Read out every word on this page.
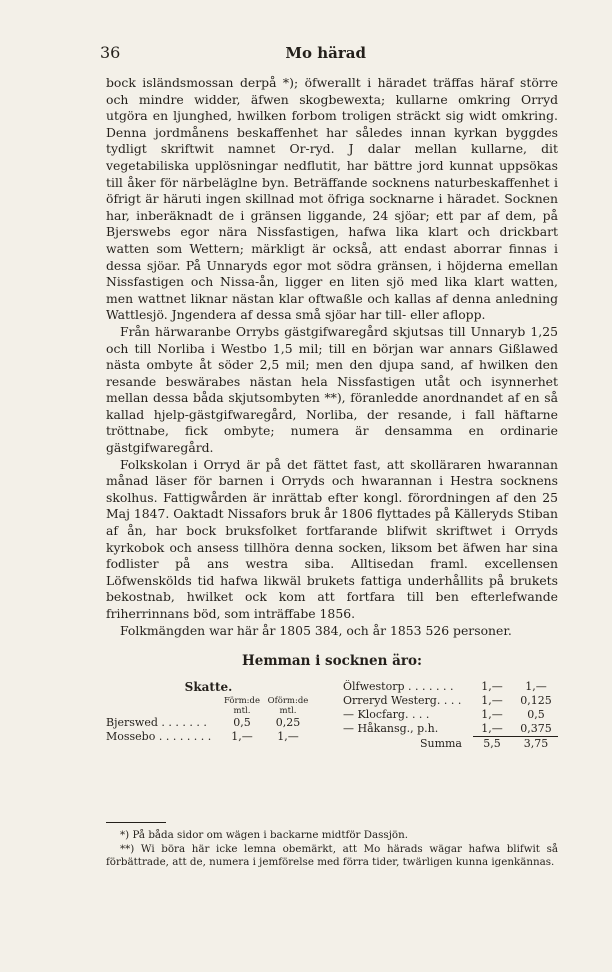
36	Mo härad

bock isländsmossan derpå *); öfwerallt i häradet träffas häraf större och mindre widder, äfwen skogbewexta; kullarne omkring Orryd utgöra en ljunghed, hwilken forbom troligen sträckt sig widt omkring. Denna jordmånens beskaffenhet har således innan kyrkan byggdes tydligt skriftwit namnet Or-ryd. J dalar mellan kullarne, dit vegetabiliska upplösningar nedflutit, har bättre jord kunnat uppsökas till åker för närbeläglne byn. Beträffande socknens naturbeskaffenhet i öfrigt är häruti ingen skillnad mot öfriga socknarne i häradet. Socknen har, inberäknadt de i gränsen liggande, 24 sjöar; ett par af dem, på Bjerswebs egor nära Nissfastigen, hafwa lika klart och drickbart watten som Wettern; märkligt är också, att endast aborrar finnas i dessa sjöar. På Unnaryds egor mot södra gränsen, i höjderna emellan Nissfastigen och Nissa-ån, ligger en liten sjö med lika klart watten, men wattnet liknar nästan klar oftwaßle och kallas af denna anledning Wattlesjö. Jngendera af dessa små sjöar har till- eller aflopp.

Från härwaranbe Orrybs gästgifwaregård skjutsas till Unnaryb 1,25 och till Norliba i Westbo 1,5 mil; till en början war annars Gißlawed nästa ombyte åt söder 2,5 mil; men den djupa sand, af hwilken den resande beswärabes nästan hela Nissfastigen utåt och isynnerhet mellan dessa båda skjutsombyten **), föranledde anordnandet af en så kallad hjelp-gästgifwaregård, Norliba, der resande, i fall häftarne tröttnabe, fick ombyte; numera är densamma en ordinarie gästgifwaregård.

Folkskolan i Orryd är på det fättet fast, att skolläraren hwarannan månad läser för barnen i Orryds och hwarannan i Hestra socknens skolhus. Fattigwården är inrättab efter kongl. förordningen af den 25 Maj 1847. Oaktadt Nissafors bruk år 1806 flyttades på Källeryds Stiban af ån, har bock bruksfolket fortfarande blifwit skriftwet i Orryds kyrkobok och ansess tillhöra denna socken, liksom bet äfwen har sina fodlister på ans westra siba. Alltisedan framl. excellensen Löfwenskölds tid hafwa likwäl brukets fattiga underhållits på brukets bekostnab, hwilket ock kom att fortfara till ben efterlefwande friherrinnans böd, som inträffabe 1856.

Folkmängden war här år 1805 384, och år 1853 526 personer.

Hemman i socknen äro:
Skatte.
Förm:de mtl.
Oförm:de mtl.
Bjerswed . . . . . . .	0,5	0,25
Mossebo . . . . . . . .	1,—	1,—
Ölfwestorp . . . . . . .	1,—	1,—
Orreryd Westerg. . . .	1,—	0,125
— Klocfarg. . . .	1,—	0,5
— Håkansg., p.h.	1,—	0,375
Summa	5,5	3,75

*) På båda sidor om wägen i backarne midtför Dassjön.

**) Wi böra här icke lemna obemärkt, att Mo härads wägar hafwa blifwit så förbättrade, att de, numera i jemförelse med förra tider, twärligen kunna igenkännas.
